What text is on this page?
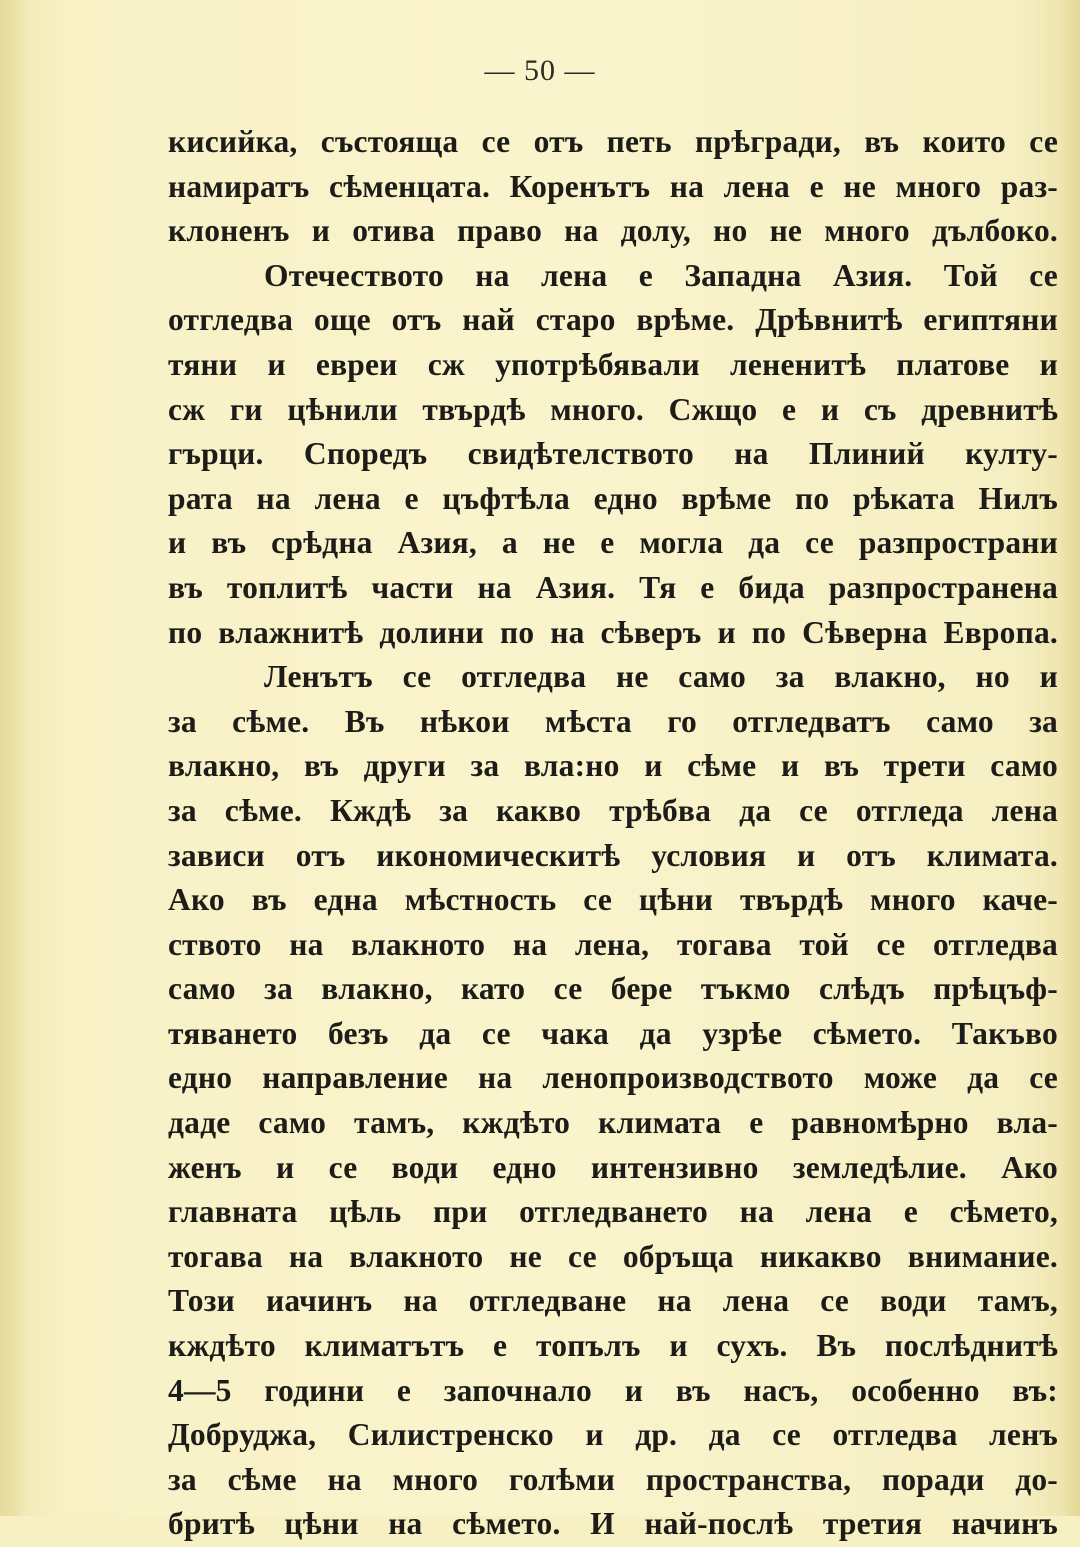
— 50 —
кисийка, състояща се отъ петь прѣгради, въ които се
намиратъ сѣменцата. Коренътъ на лена е не много раз-
клоненъ и отива право на долу, но не много дълбоко.
Отечеството на лена е Западна Азия. Той се
отгледва още отъ най старо врѣме. Дрѣвнитѣ египтяни
тяни и евреи сж употрѣбявали лененитѣ платове и
сж ги цѣнили твърдѣ много. Сжщо е и съ древнитѣ
гърци. Спор​едъ свидѣтелството на Плиний култу-
рата на лена е цъфтѣла едно врѣме по рѣката Нилъ
и въ срѣдна Азия, а не е могла да се разпространи
въ топлитѣ части на Азия. Тя е бида разпространена
по влажнитѣ долини по на сѣверъ и по Сѣверна Европа.
Ленътъ се отгледва не само за влакно, но и
за сѣме. Въ нѣкои мѣста го отгледватъ само за
влакно, въ други за вла:но и сѣме и въ трети само
за сѣме. Кждѣ за какво трѣбва да се отгледа лена
зависи отъ икономическитѣ условия и отъ климата.
Ако въ една мѣстность се цѣни твърдѣ много каче-
ството на влакното на лена, тогава той се отгледва
само за влакно, като се бере тъкмо слѣдъ прѣцъф-
тяването безъ да се чака да узрѣе сѣмето. Такъво
едно направление на ленопроизводството може да се
даде само тамъ, кждѣто климата е равномѣрно вла-
женъ и се води едно интензивно земледѣлие. Ако
главната цѣль при отгледването на лена е сѣмето,
тогава на влакното не се обръща никакво внимание.
Този иачинъ на отгледване на лена се води тамъ,
кждѣто климатътъ е топълъ и сухъ. Въ послѣднитѣ
4—5 години е започнало и въ насъ, особенно въ:
Добруджа, Силистренско и др. да се отгледва ленъ
за сѣме на много голѣми пространства, поради до-
бритѣ цѣни на сѣмето. И най-послѣ третия начинъ
